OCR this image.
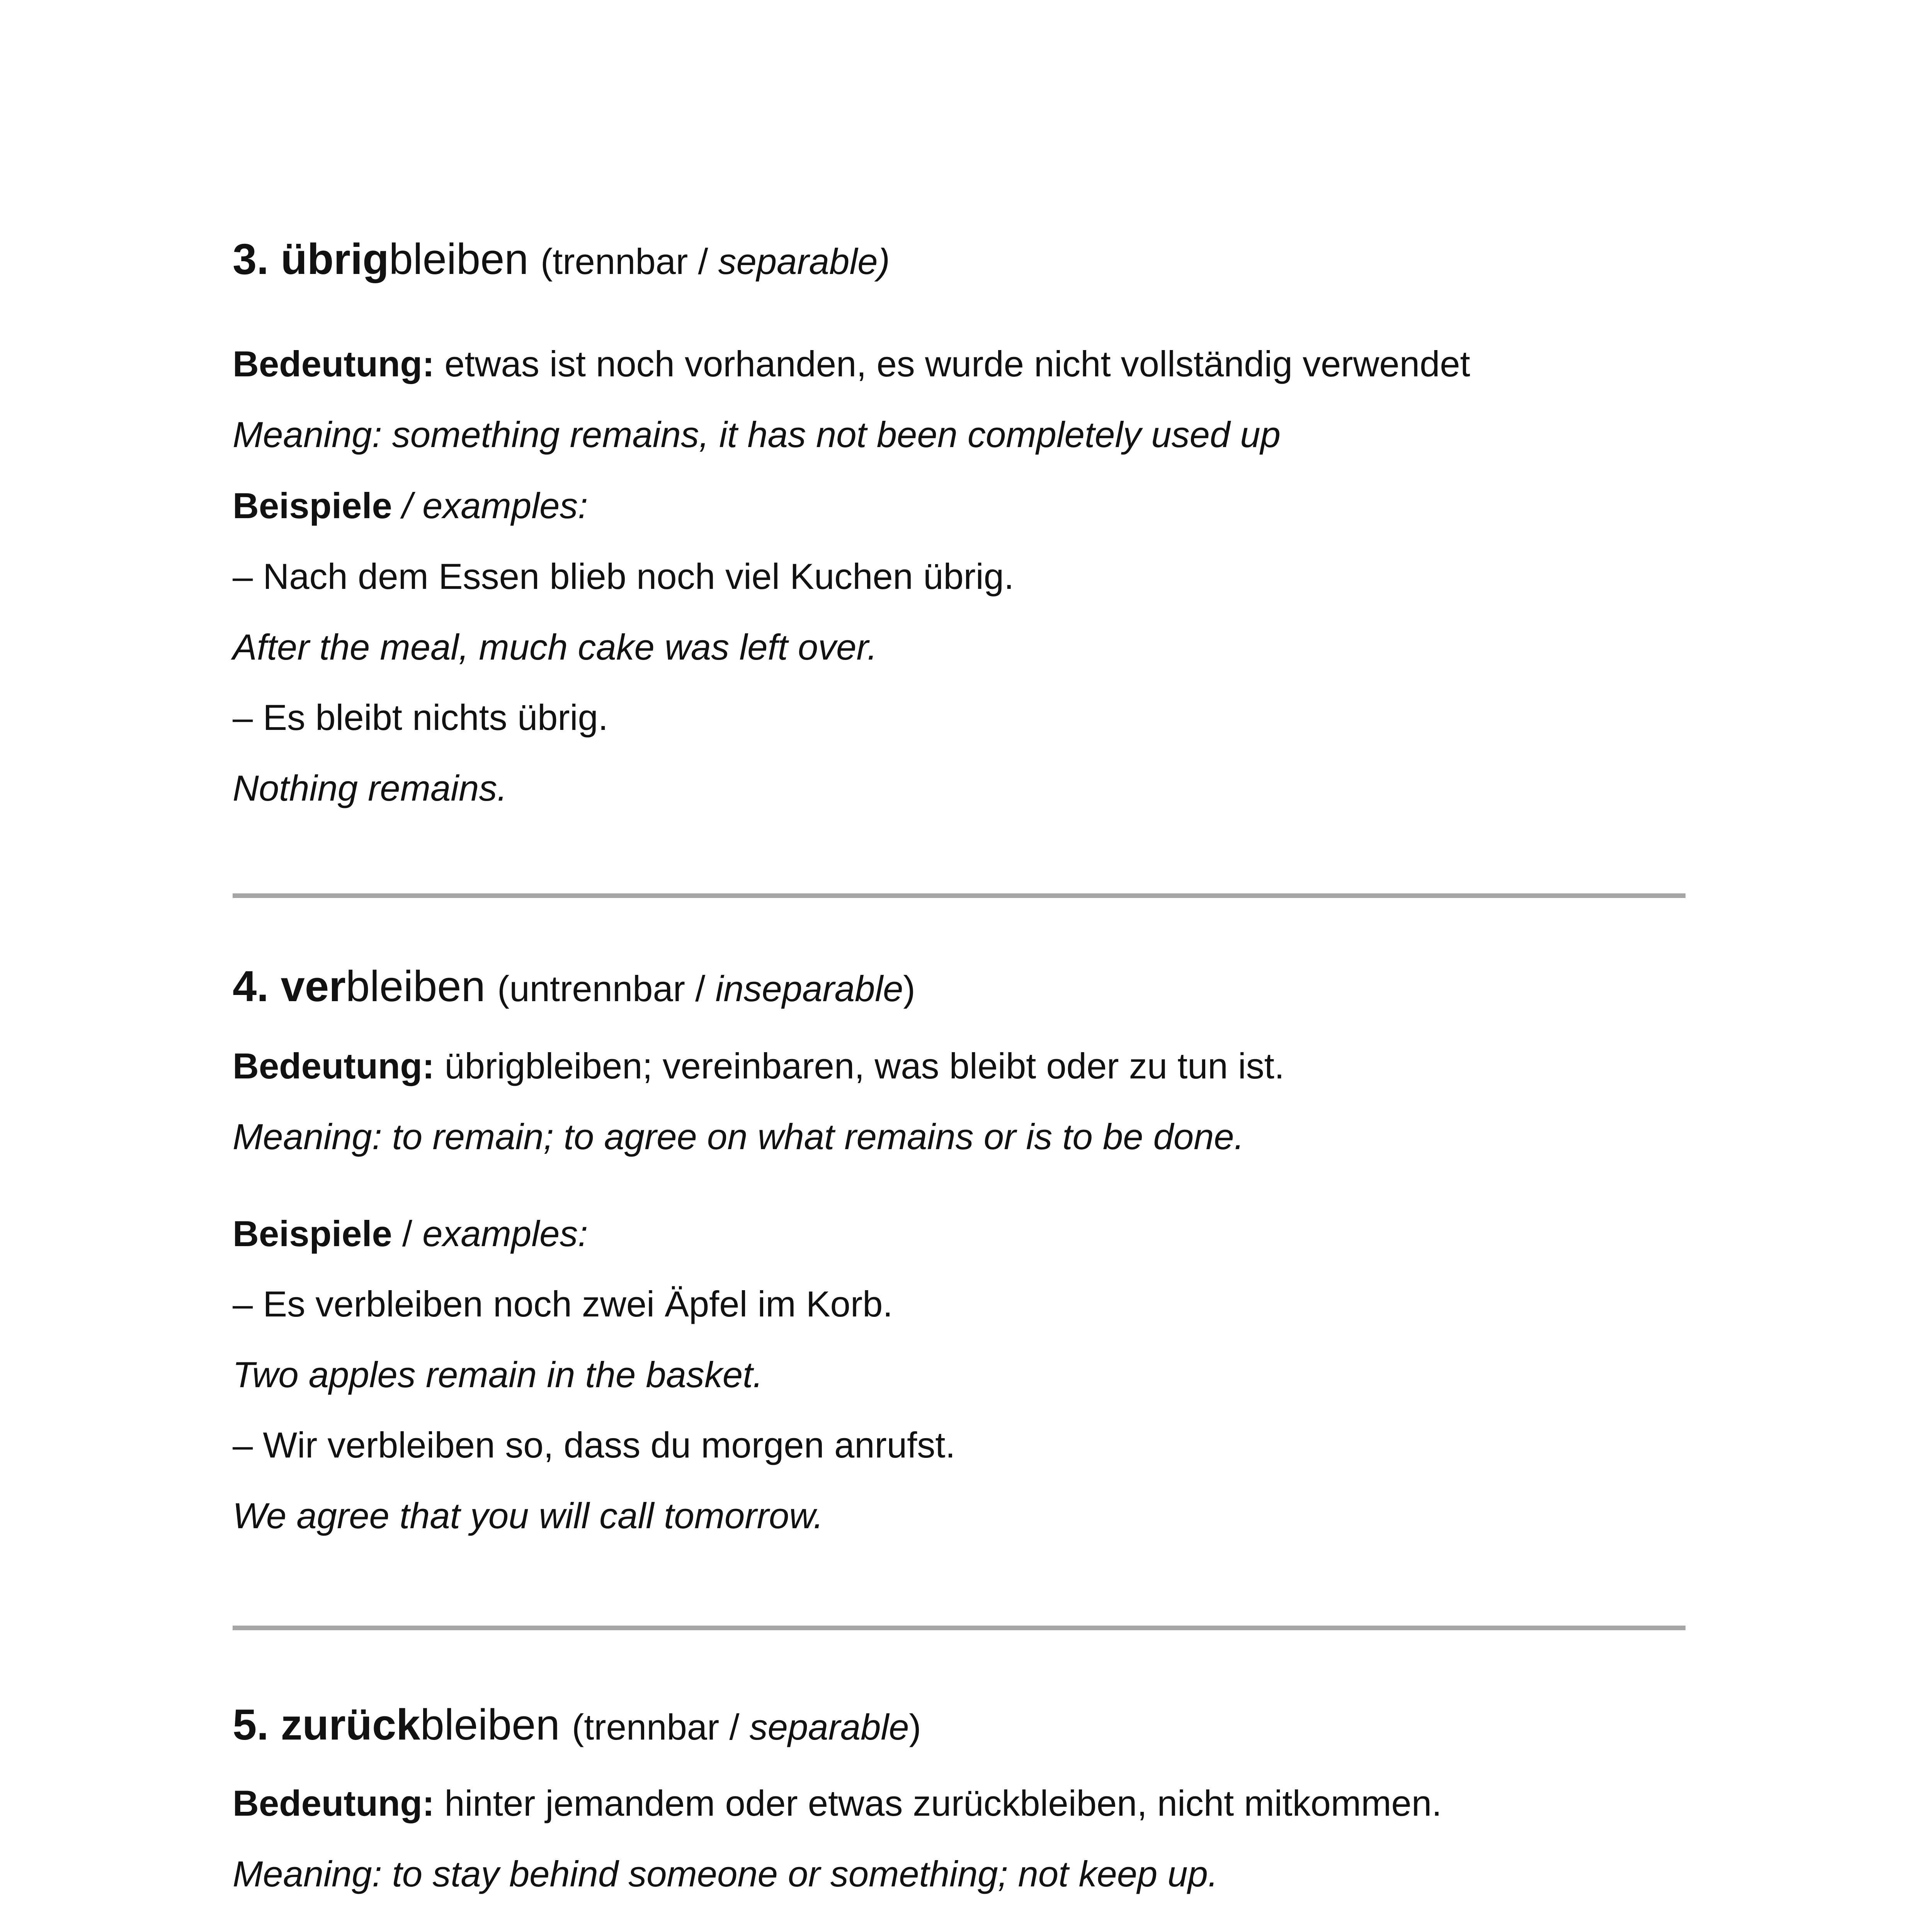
3. übrigbleiben (trennbar / separable)
Bedeutung: etwas ist noch vorhanden, es wurde nicht vollständig verwendet
Meaning: something remains, it has not been completely used up
Beispiele / examples:
– Nach dem Essen blieb noch viel Kuchen übrig.
After the meal, much cake was left over.
– Es bleibt nichts übrig.
Nothing remains.
4. verbleiben (untrennbar / inseparable)
Bedeutung: übrigbleiben; vereinbaren, was bleibt oder zu tun ist.
Meaning: to remain; to agree on what remains or is to be done.
Beispiele / examples:
– Es verbleiben noch zwei Äpfel im Korb.
Two apples remain in the basket.
– Wir verbleiben so, dass du morgen anrufst.
We agree that you will call tomorrow.
5. zurückbleiben (trennbar / separable)
Bedeutung: hinter jemandem oder etwas zurückbleiben, nicht mitkommen.
Meaning: to stay behind someone or something; not keep up.
